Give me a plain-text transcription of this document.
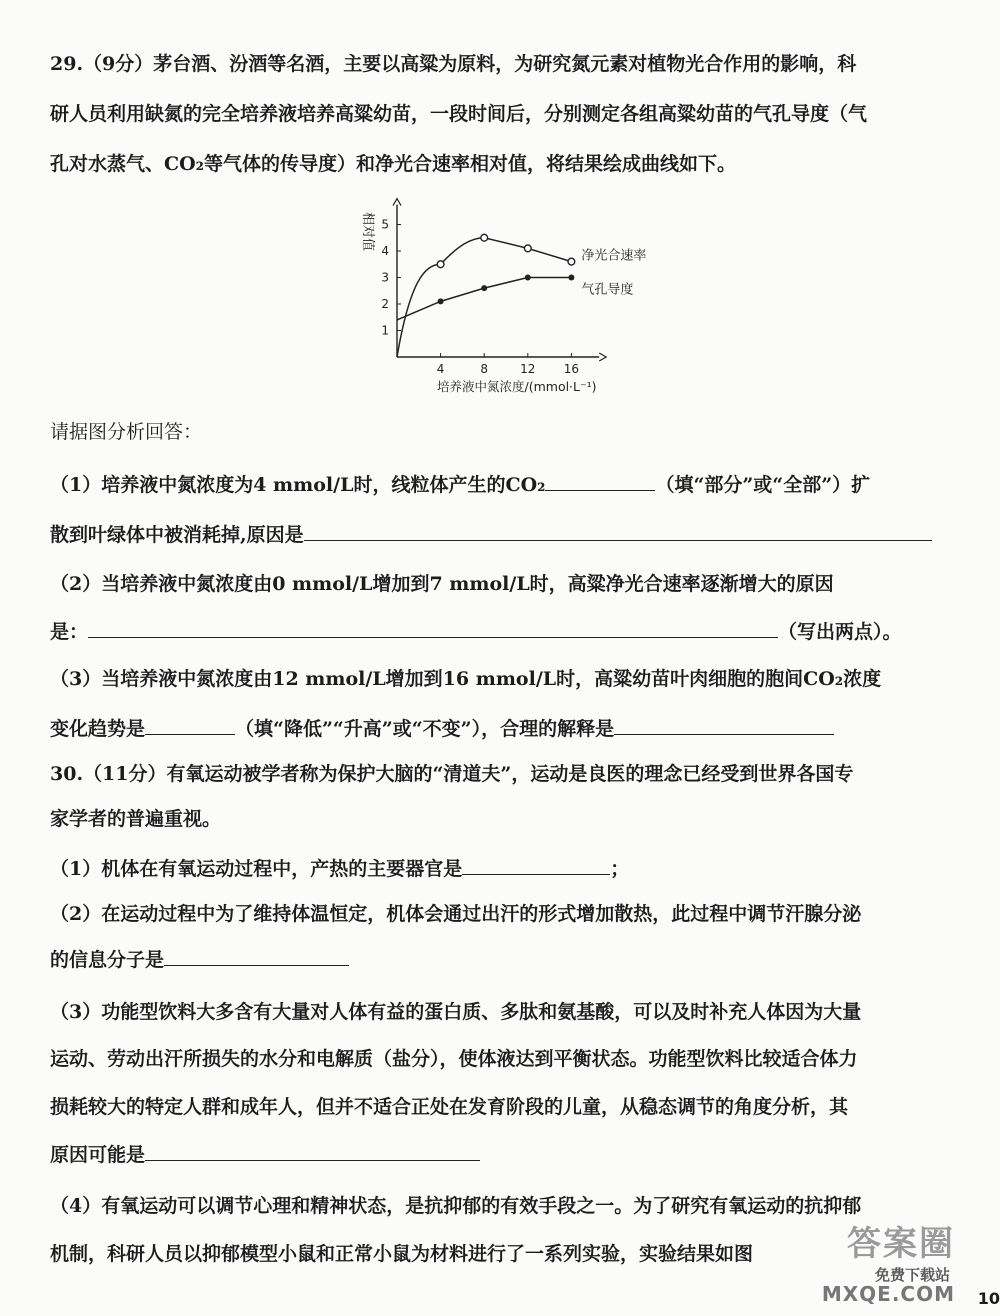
29.（9分）茅台酒、汾酒等名酒，主要以高粱为原料，为研究氮元素对植物光合作用的影响，科
研人员利用缺氮的完全培养液培养高粱幼苗，一段时间后，分别测定各组高粱幼苗的气孔导度（气
孔对水蒸气、CO₂等气体的传导度）和净光合速率相对值，将结果绘成曲线如下。
4	8	12 16
1
2
3
4
5
相对值
培养液中氮浓度/(mmol·L⁻¹)
净光合速率
气孔导度
请据图分析回答：
（1）培养液中氮浓度为4 mmol/L时，线粒体产生的CO₂	（填“部分”或“全部”）扩
散到叶绿体中被消耗掉,原因是
（2）当培养液中氮浓度由0 mmol/L增加到7 mmol/L时，高粱净光合速率逐渐增大的原因
是：	（写出两点）。
（3）当培养液中氮浓度由12 mmol/L增加到16 mmol/L时，高粱幼苗叶肉细胞的胞间CO₂浓度
变化趋势是	（填“降低”“升高”或“不变”），合理的解释是
30.（11分）有氧运动被学者称为保护大脑的“清道夫”，运动是良医的理念已经受到世界各国专
家学者的普遍重视。
（1）机体在有氧运动过程中，产热的主要器官是	；
（2）在运动过程中为了维持体温恒定，机体会通过出汗的形式增加散热，此过程中调节汗腺分泌
的信息分子是
（3）功能型饮料大多含有大量对人体有益的蛋白质、多肽和氨基酸，可以及时补充人体因为大量
运动、劳动出汗所损失的水分和电解质（盐分），使体液达到平衡状态。功能型饮料比较适合体力
损耗较大的特定人群和成年人，但并不适合正处在发育阶段的儿童，从稳态调节的角度分析，其
原因可能是
（4）有氧运动可以调节心理和精神状态，是抗抑郁的有效手段之一。为了研究有氧运动的抗抑郁
机制，科研人员以抑郁模型小鼠和正常小鼠为材料进行了一系列实验，实验结果如图	答案圈
免费下载站
MXQE.COM 10
